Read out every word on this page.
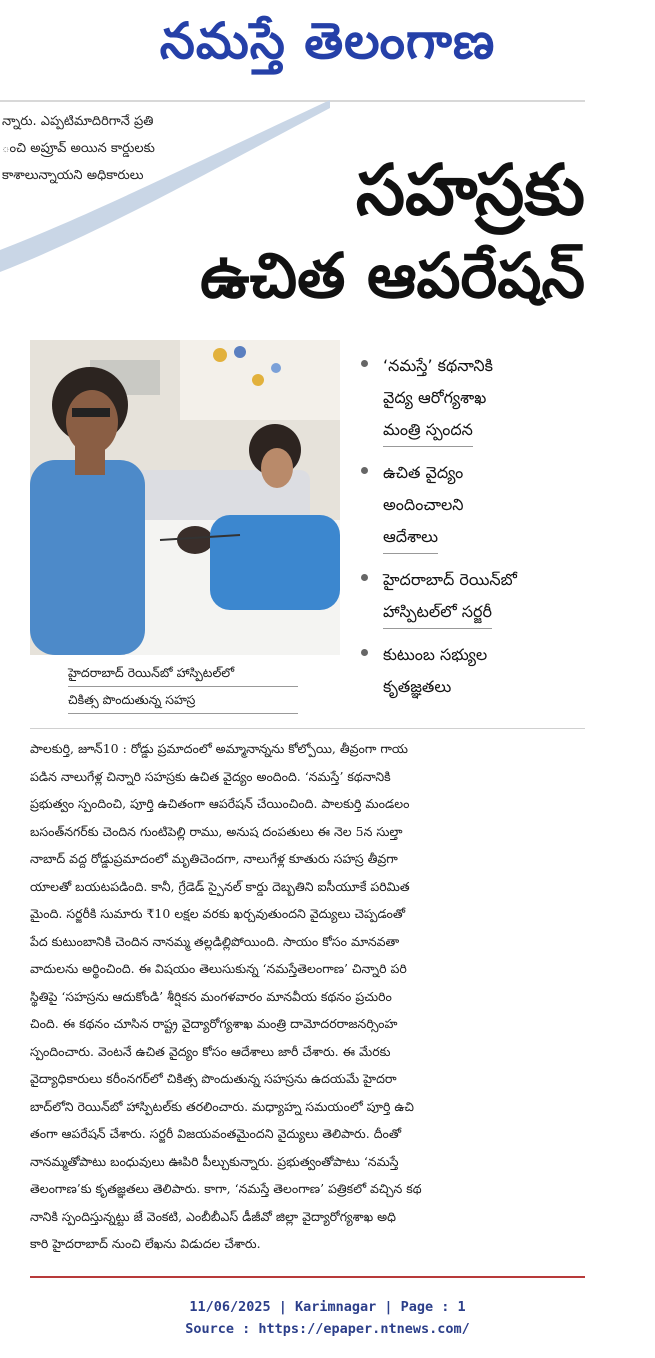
నమస్తే తెలంగాణ
న్నారు. ఎప్పటిమాదిరిగానే ప్రతి
ంచి అప్రూవ్ అయిన కార్డులకు
కాశాలున్నాయని అధికారులు	సహస్రకు
ఉచిత ఆపరేషన్
హైదరాబాద్ రెయిన్‌బో హాస్పిటల్‌లో
చికిత్స పొందుతున్న సహస్ర
‘నమస్తే’ కథనానికి
వైద్య ఆరోగ్యశాఖ
మంత్రి స్పందన
ఉచిత వైద్యం
అందించాలని
ఆదేశాలు
హైదరాబాద్ రెయిన్‌బో
హాస్పిటల్‌లో సర్జరీ
కుటుంబ సభ్యుల
కృతజ్ఞతలు
పాలకుర్తి, జూన్10 : రోడ్డు ప్రమాదంలో అమ్మానాన్నను కోల్పోయి, తీవ్రంగా గాయ
పడిన నాలుగేళ్ల చిన్నారి సహస్రకు ఉచిత వైద్యం అందింది. ‘నమస్తే’ కథనానికి
ప్రభుత్వం స్పందించి, పూర్తి ఉచితంగా ఆపరేషన్ చేయించింది. పాలకుర్తి మండలం
బసంత్‌నగర్‌కు చెందిన గుంటిపెల్లి రాము, అనుష దంపతులు ఈ నెల 5న సుల్తా
నాబాద్ వద్ద రోడ్డుప్రమాదంలో మృతిచెందగా, నాలుగేళ్ల కూతురు సహస్ర తీవ్రగా
యాలతో బయటపడింది. కానీ, గ్రేడెడ్ స్పైనల్ కార్డు దెబ్బతిని ఐసీయూకే పరిమిత
మైంది. సర్జరీకి సుమారు ₹10 లక్షల వరకు ఖర్చవుతుందని వైద్యులు చెప్పడంతో
పేద కుటుంబానికి చెందిన నానమ్మ తల్లడిల్లిపోయింది. సాయం కోసం మానవతా
వాదులను అర్థించింది. ఈ విషయం తెలుసుకున్న ‘నమస్తేతెలంగాణ’ చిన్నారి పరి
స్థితిపై ‘సహస్రను ఆదుకోండి’ శీర్షికన మంగళవారం మానవీయ కథనం ప్రచురిం
చింది. ఈ కథనం చూసిన రాష్ట్ర వైద్యారోగ్యశాఖ మంత్రి దామోదరరాజనర్సింహ
స్పందించారు. వెంటనే ఉచిత వైద్యం కోసం ఆదేశాలు జారీ చేశారు. ఈ మేరకు
వైద్యాధికారులు కరీంనగర్‌లో చికిత్స పొందుతున్న సహస్రను ఉదయమే హైదరా
బాద్‌లోని రెయిన్‌బో హాస్పిటల్‌కు తరలించారు. మధ్యాహ్న సమయంలో పూర్తి ఉచి
తంగా ఆపరేషన్ చేశారు. సర్జరీ విజయవంతమైందని వైద్యులు తెలిపారు. దీంతో
నానమ్మతోపాటు బంధువులు ఊపిరి పీల్చుకున్నారు. ప్రభుత్వంతోపాటు ‘నమస్తే
తెలంగాణ’కు కృతజ్ఞతలు తెలిపారు. కాగా, ‘నమస్తే తెలంగాణ’ పత్రికలో వచ్చిన కథ
నానికి స్పందిస్తున్నట్టు జే వెంకటి, ఎంబీబీఎస్ డీజీవో జిల్లా వైద్యారోగ్యశాఖ అధి
కారి హైదరాబాద్ నుంచి లేఖను విడుదల చేశారు.
11/06/2025 | Karimnagar | Page : 1
Source : https://epaper.ntnews.com/
